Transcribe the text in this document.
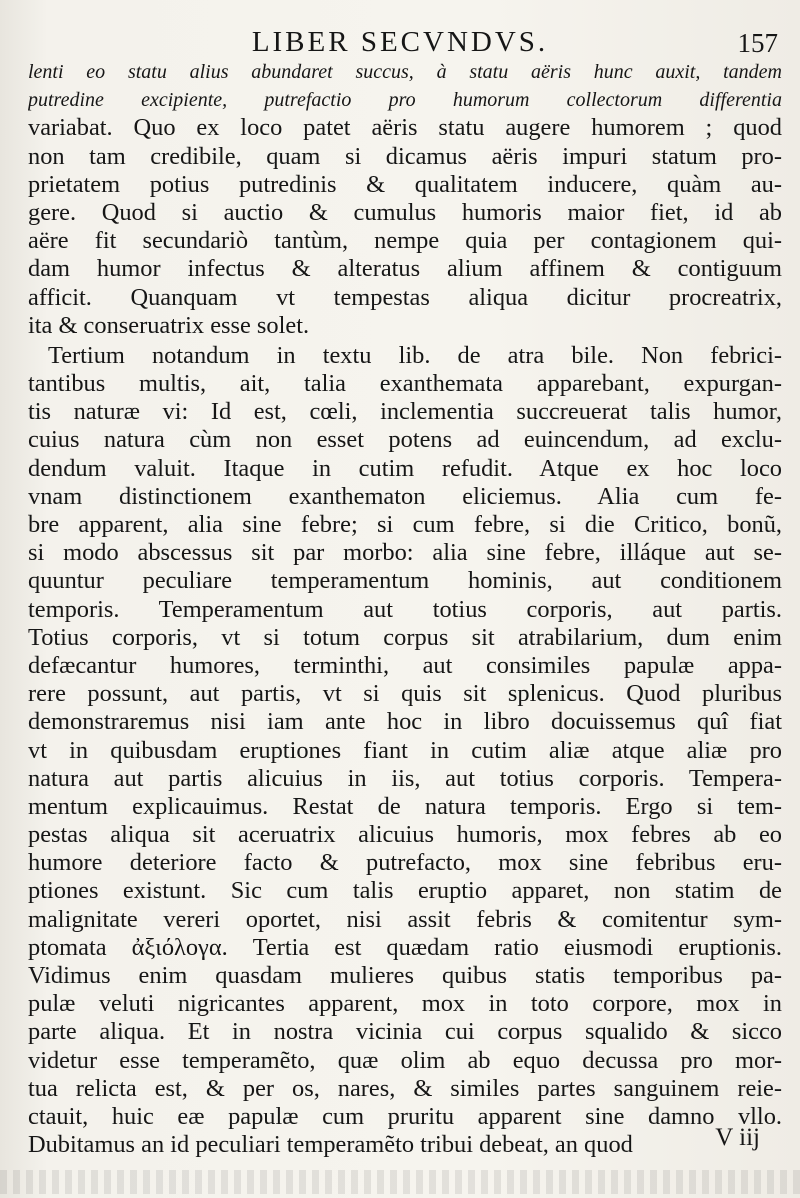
LIBER SECVNDVS.	157
lenti eo statu alius abundaret succus, à statu aëris hunc auxit, tandem
putredine excipiente, putrefactio pro humorum collectorum differentia
variabat. Quo ex loco patet aëris statu augere humorem ; quod
non tam credibile, quam si dicamus aëris impuri statum pro-
prietatem potius putredinis & qualitatem inducere, quàm au-
gere. Quod si auctio & cumulus humoris maior fiet, id ab
aëre fit secundariò tantùm, nempe quia per contagionem qui-
dam humor infectus & alteratus alium affinem & contiguum
afficit. Quanquam vt tempestas aliqua dicitur procreatrix,
ita & conseruatrix esse solet.
Tertium notandum in textu lib. de atra bile. Non febrici-
tantibus multis, ait, talia exanthemata apparebant, expurgan-
tis naturæ vi: Id est, cœli, inclementia succreuerat talis humor,
cuius natura cùm non esset potens ad euincendum, ad exclu-
dendum valuit. Itaque in cutim refudit. Atque ex hoc loco
vnam distinctionem exanthematon eliciemus. Alia cum fe-
bre apparent, alia sine febre; si cum febre, si die Critico, bonũ,
si modo abscessus sit par morbo: alia sine febre, illáque aut se-
quuntur peculiare temperamentum hominis, aut conditionem
temporis. Temperamentum aut totius corporis, aut partis.
Totius corporis, vt si totum corpus sit atrabilarium, dum enim
defæcantur humores, terminthi, aut consimiles papulæ appa-
rere possunt, aut partis, vt si quis sit splenicus. Quod pluribus
demonstraremus nisi iam ante hoc in libro docuissemus quî fiat
vt in quibusdam eruptiones fiant in cutim aliæ atque aliæ pro
natura aut partis alicuius in iis, aut totius corporis. Tempera-
mentum explicauimus. Restat de natura temporis. Ergo si tem-
pestas aliqua sit aceruatrix alicuius humoris, mox febres ab eo
humore deteriore facto & putrefacto, mox sine febribus eru-
ptiones existunt. Sic cum talis eruptio apparet, non statim de
malignitate vereri oportet, nisi assit febris & comitentur sym-
ptomata ἀξιόλογα. Tertia est quædam ratio eiusmodi eruptionis.
Vidimus enim quasdam mulieres quibus statis temporibus pa-
pulæ veluti nigricantes apparent, mox in toto corpore, mox in
parte aliqua. Et in nostra vicinia cui corpus squalido & sicco
videtur esse temperamẽto, quæ olim ab equo decussa pro mor-
tua relicta est, & per os, nares, & similes partes sanguinem reie-
ctauit, huic eæ papulæ cum pruritu apparent sine damno vllo.
Dubitamus an id peculiari temperamẽto tribui debeat, an quod	V iij
